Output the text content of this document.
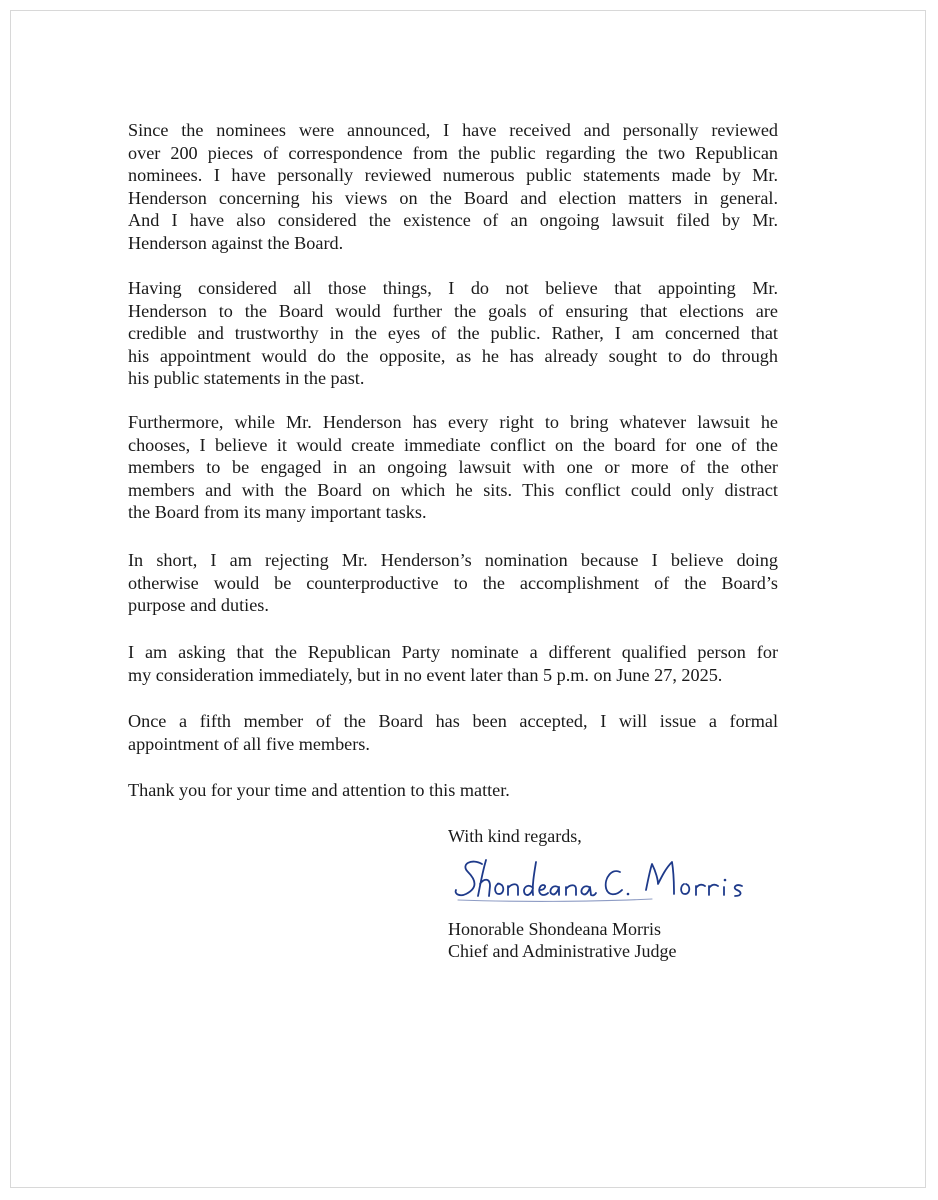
Since the nominees were announced, I have received and personally reviewed
over 200 pieces of correspondence from the public regarding the two Republican
nominees. I have personally reviewed numerous public statements made by Mr.
Henderson concerning his views on the Board and election matters in general.
And I have also considered the existence of an ongoing lawsuit filed by Mr.
Henderson against the Board.
Having considered all those things, I do not believe that appointing Mr.
Henderson to the Board would further the goals of ensuring that elections are
credible and trustworthy in the eyes of the public. Rather, I am concerned that
his appointment would do the opposite, as he has already sought to do through
his public statements in the past.
Furthermore, while Mr. Henderson has every right to bring whatever lawsuit he
chooses, I believe it would create immediate conflict on the board for one of the
members to be engaged in an ongoing lawsuit with one or more of the other
members and with the Board on which he sits. This conflict could only distract
the Board from its many important tasks.
In short, I am rejecting Mr. Henderson’s nomination because I believe doing
otherwise would be counterproductive to the accomplishment of the Board’s
purpose and duties.
I am asking that the Republican Party nominate a different qualified person for
my consideration immediately, but in no event later than 5 p.m. on June 27, 2025.
Once a fifth member of the Board has been accepted, I will issue a formal
appointment of all five members.
Thank you for your time and attention to this matter.

With kind regards,

Honorable Shondeana Morris
Chief and Administrative Judge
